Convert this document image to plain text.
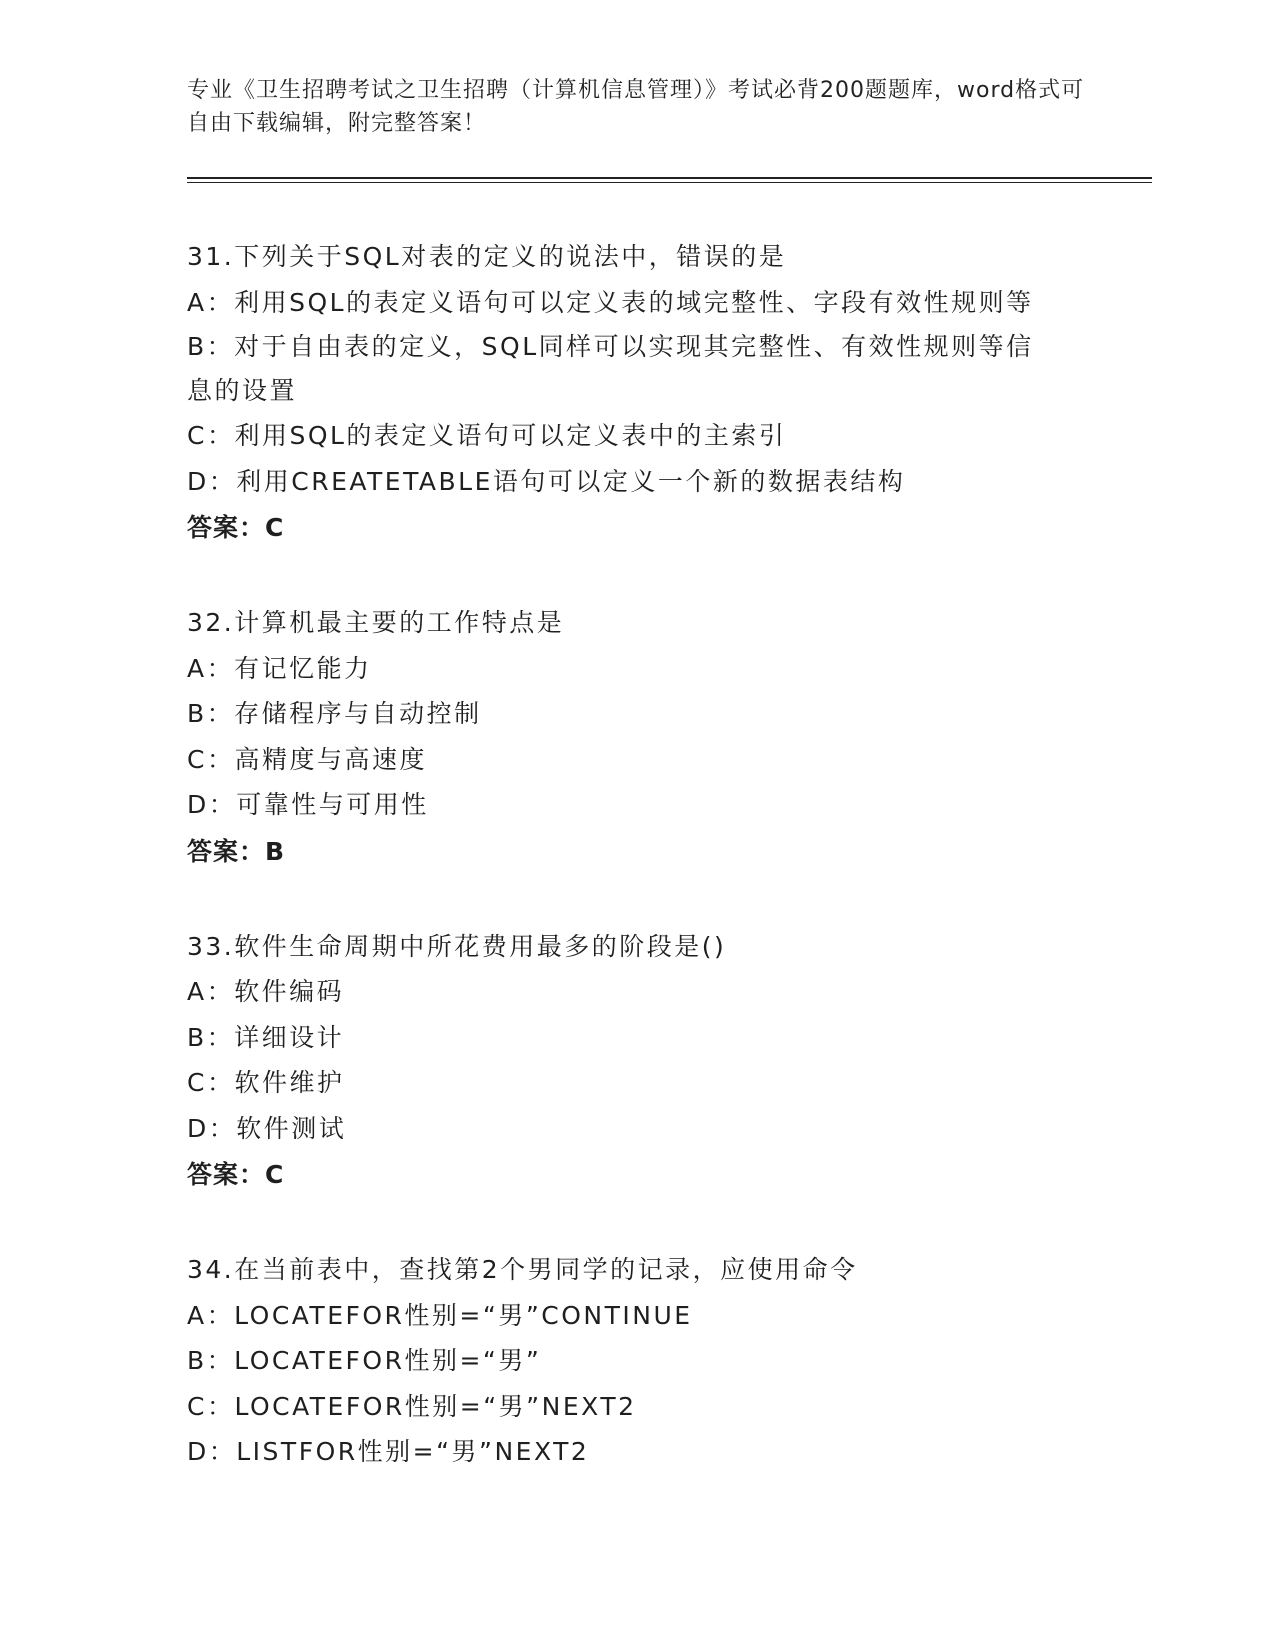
专业《卫生招聘考试之卫生招聘（计算机信息管理）》考试必背200题题库，word格式可自由下载编辑，附完整答案！
31.下列关于SQL对表的定义的说法中，错误的是
A：利用SQL的表定义语句可以定义表的域完整性、字段有效性规则等
B：对于自由表的定义，SQL同样可以实现其完整性、有效性规则等信息的设置
C：利用SQL的表定义语句可以定义表中的主索引
D：利用CREATETABLE语句可以定义一个新的数据表结构
答案：C
32.计算机最主要的工作特点是
A：有记忆能力
B：存储程序与自动控制
C：高精度与高速度
D：可靠性与可用性
答案：B
33.软件生命周期中所花费用最多的阶段是()
A：软件编码
B：详细设计
C：软件维护
D：软件测试
答案：C
34.在当前表中，查找第2个男同学的记录，应使用命令
A：LOCATEFOR性别=“男”CONTINUE
B：LOCATEFOR性别=“男”
C：LOCATEFOR性别=“男”NEXT2
D：LISTFOR性别=“男”NEXT2
